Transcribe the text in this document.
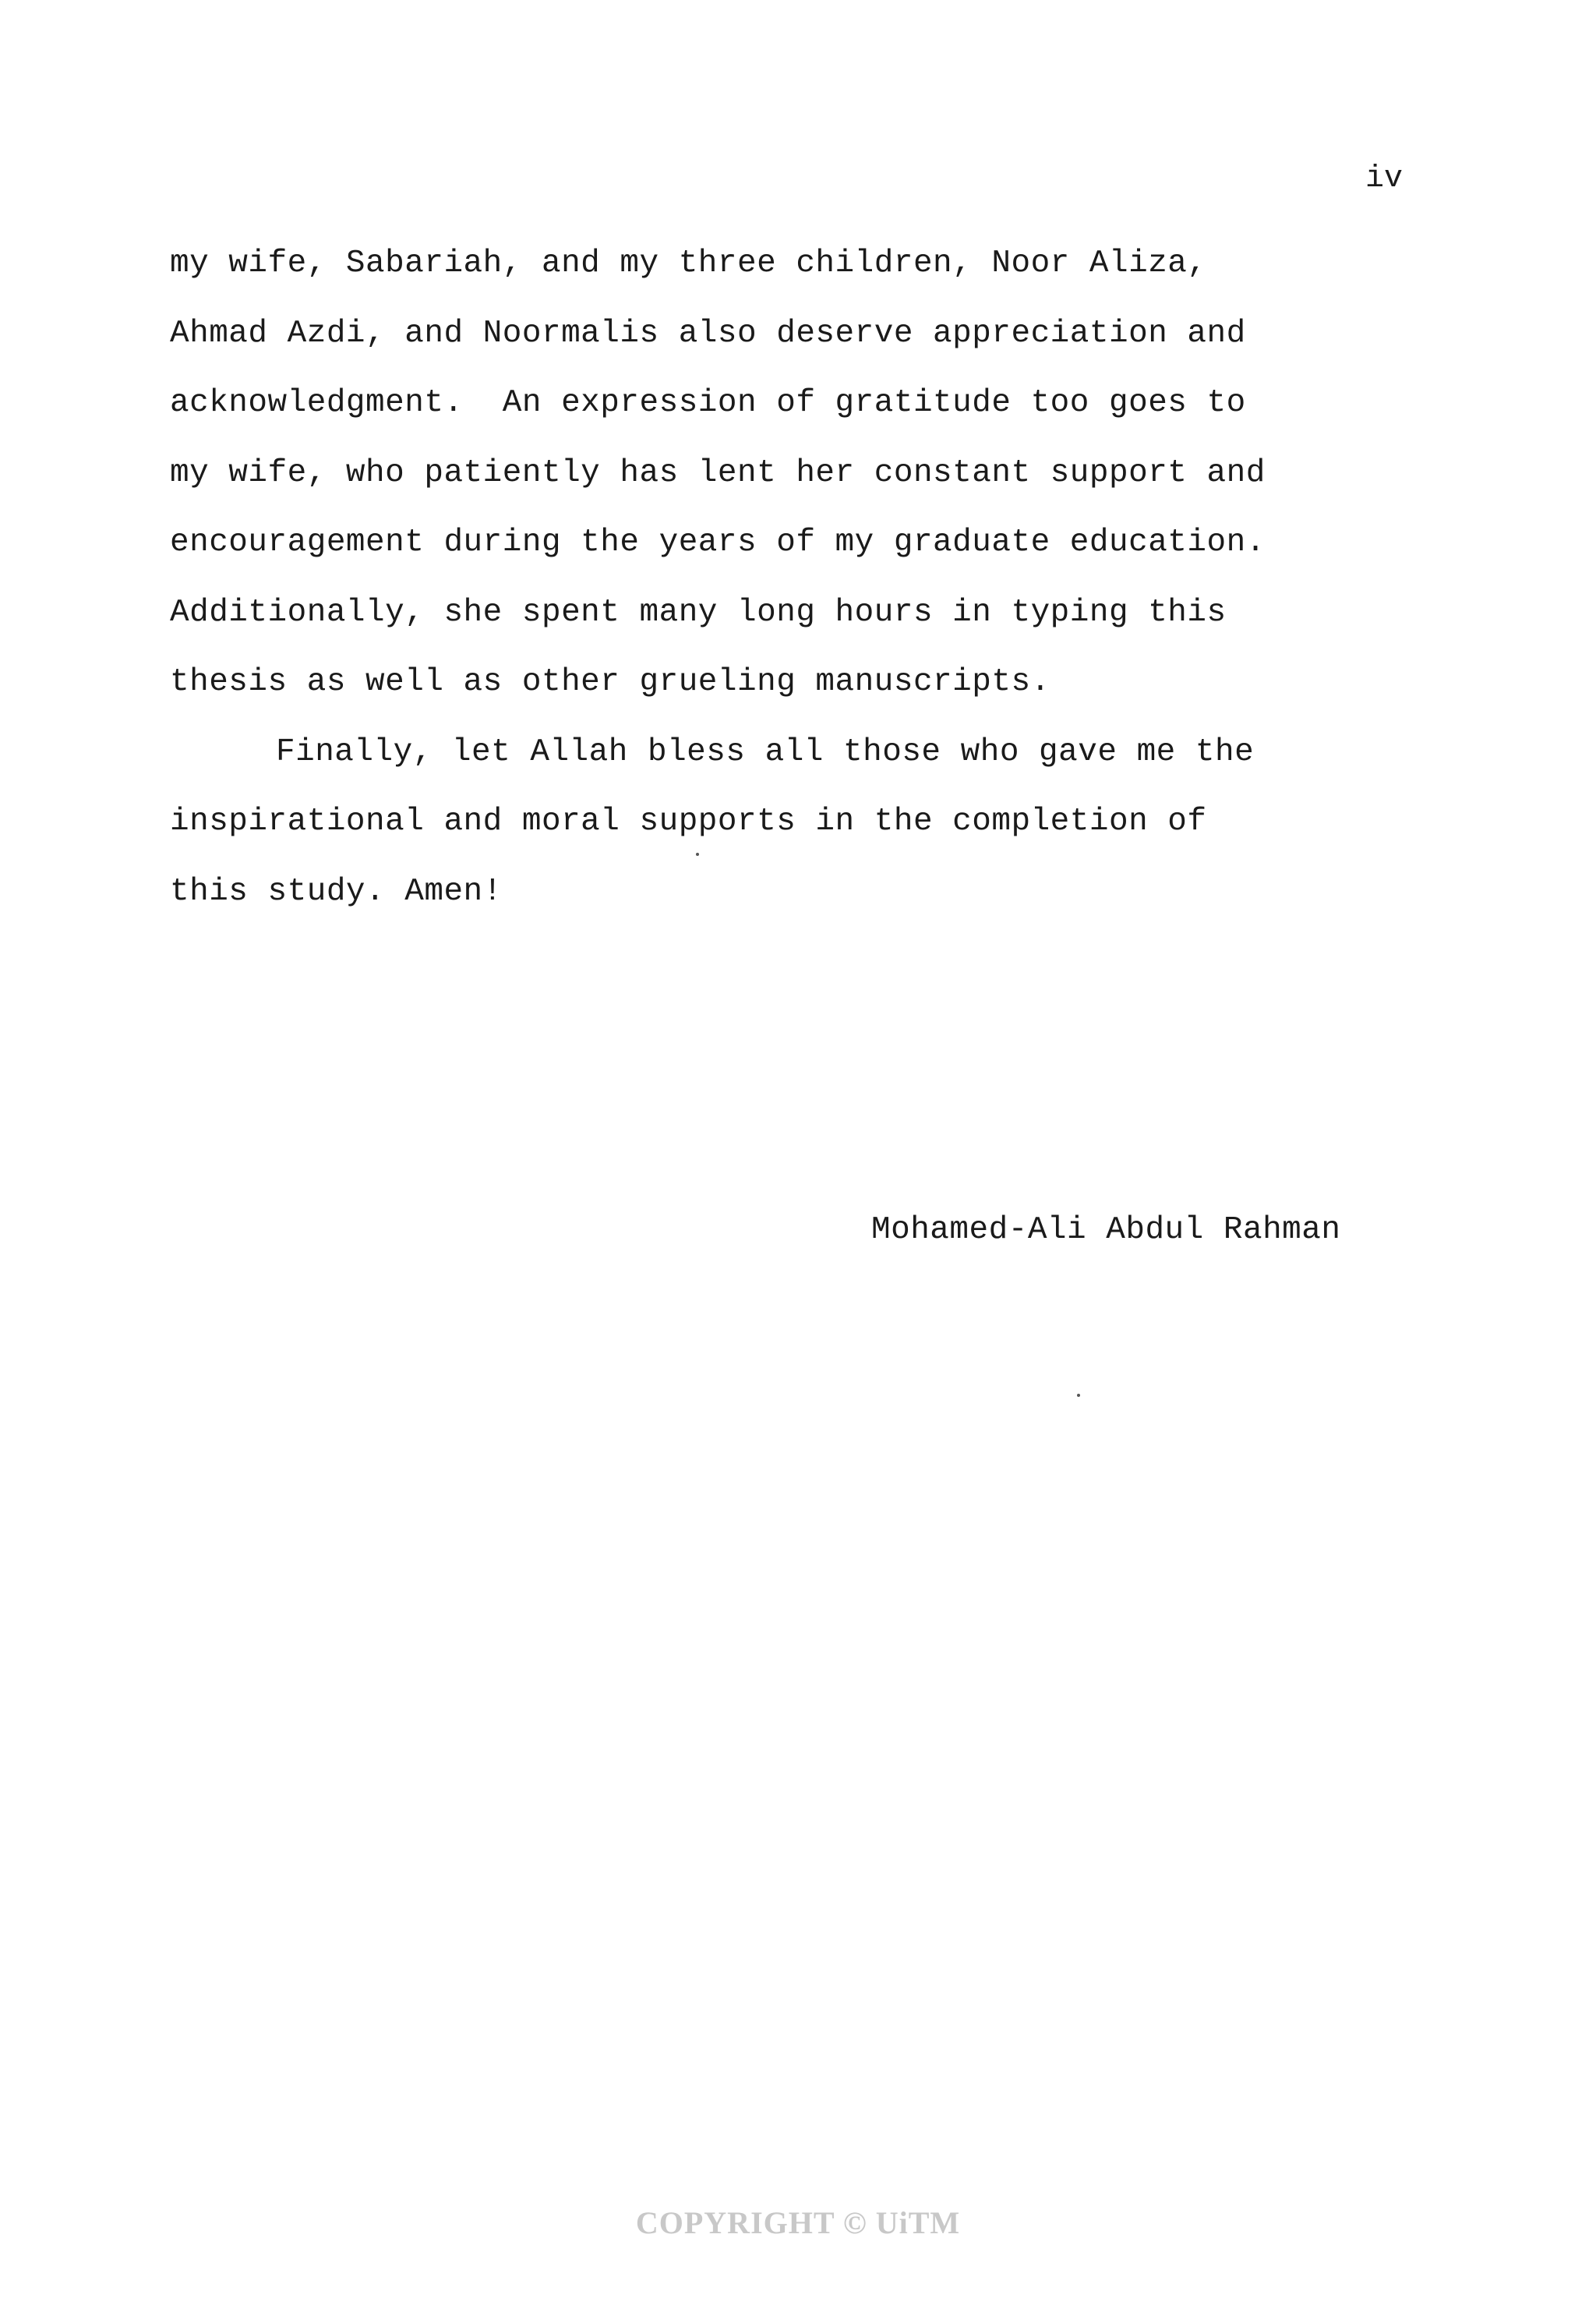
iv
my wife, Sabariah, and my three children, Noor Aliza,
Ahmad Azdi, and Noormalis also deserve appreciation and
acknowledgment.  An expression of gratitude too goes to
my wife, who patiently has lent her constant support and
encouragement during the years of my graduate education.
Additionally, she spent many long hours in typing this
thesis as well as other grueling manuscripts.
Finally, let Allah bless all those who gave me the
inspirational and moral supports in the completion of
this study. Amen!
Mohamed-Ali Abdul Rahman
COPYRIGHT © UiTM
